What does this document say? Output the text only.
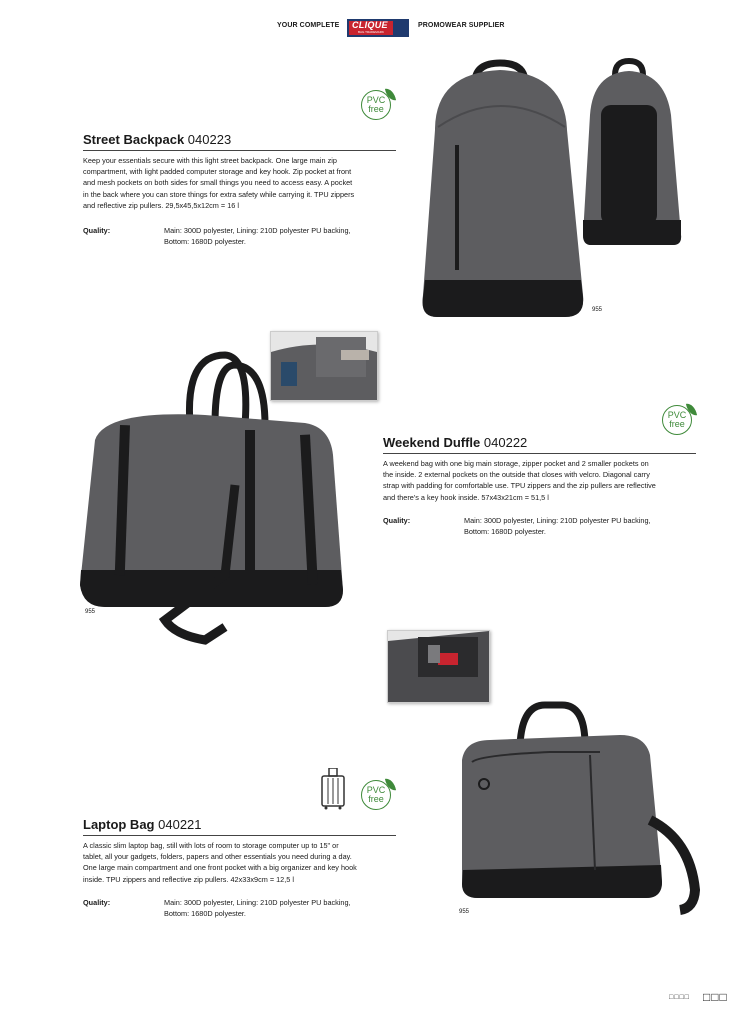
YOUR COMPLETE CLIQUE
BAG TRADEMARK
PROMOWEAR SUPPLIER
PVC
free
Street Backpack 040223
Keep your essentials secure with this light street backpack. One large main zip
compartment, with light padded computer storage and key hook. Zip pocket at front
and mesh pockets on both sides for small things you need to access easy. A pocket
in the back where you can store things for extra safety while carrying it. TPU zippers
and reflective zip pullers. 29,5x45,5x12cm = 16 l
Quality:	Main: 300D polyester, Lining: 210D polyester PU backing,
Bottom: 1680D polyester.
955
955
PVC
free
Weekend Duffle 040222
A weekend bag with one big main storage, zipper pocket and 2 smaller pockets on
the inside. 2 external pockets on the outside that closes with velcro. Diagonal carry
strap with padding for comfortable use. TPU zippers and the zip pullers are reflective
and there's a key hook inside. 57x43x21cm = 51,5 l
Quality:	Main: 300D polyester, Lining: 210D polyester PU backing,
Bottom: 1680D polyester.
PVC
free
Laptop Bag 040221
A classic slim laptop bag, still with lots of room to storage computer up to 15" or
tablet, all your gadgets, folders, papers and other essentials you need during a day.
One large main compartment and one front pocket with a big organizer and key hook
inside. TPU zippers and reflective zip pullers. 42x33x9cm = 12,5 l
Quality:	Main: 300D polyester, Lining: 210D polyester PU backing,
Bottom: 1680D polyester.	955
□□□□ □□□
